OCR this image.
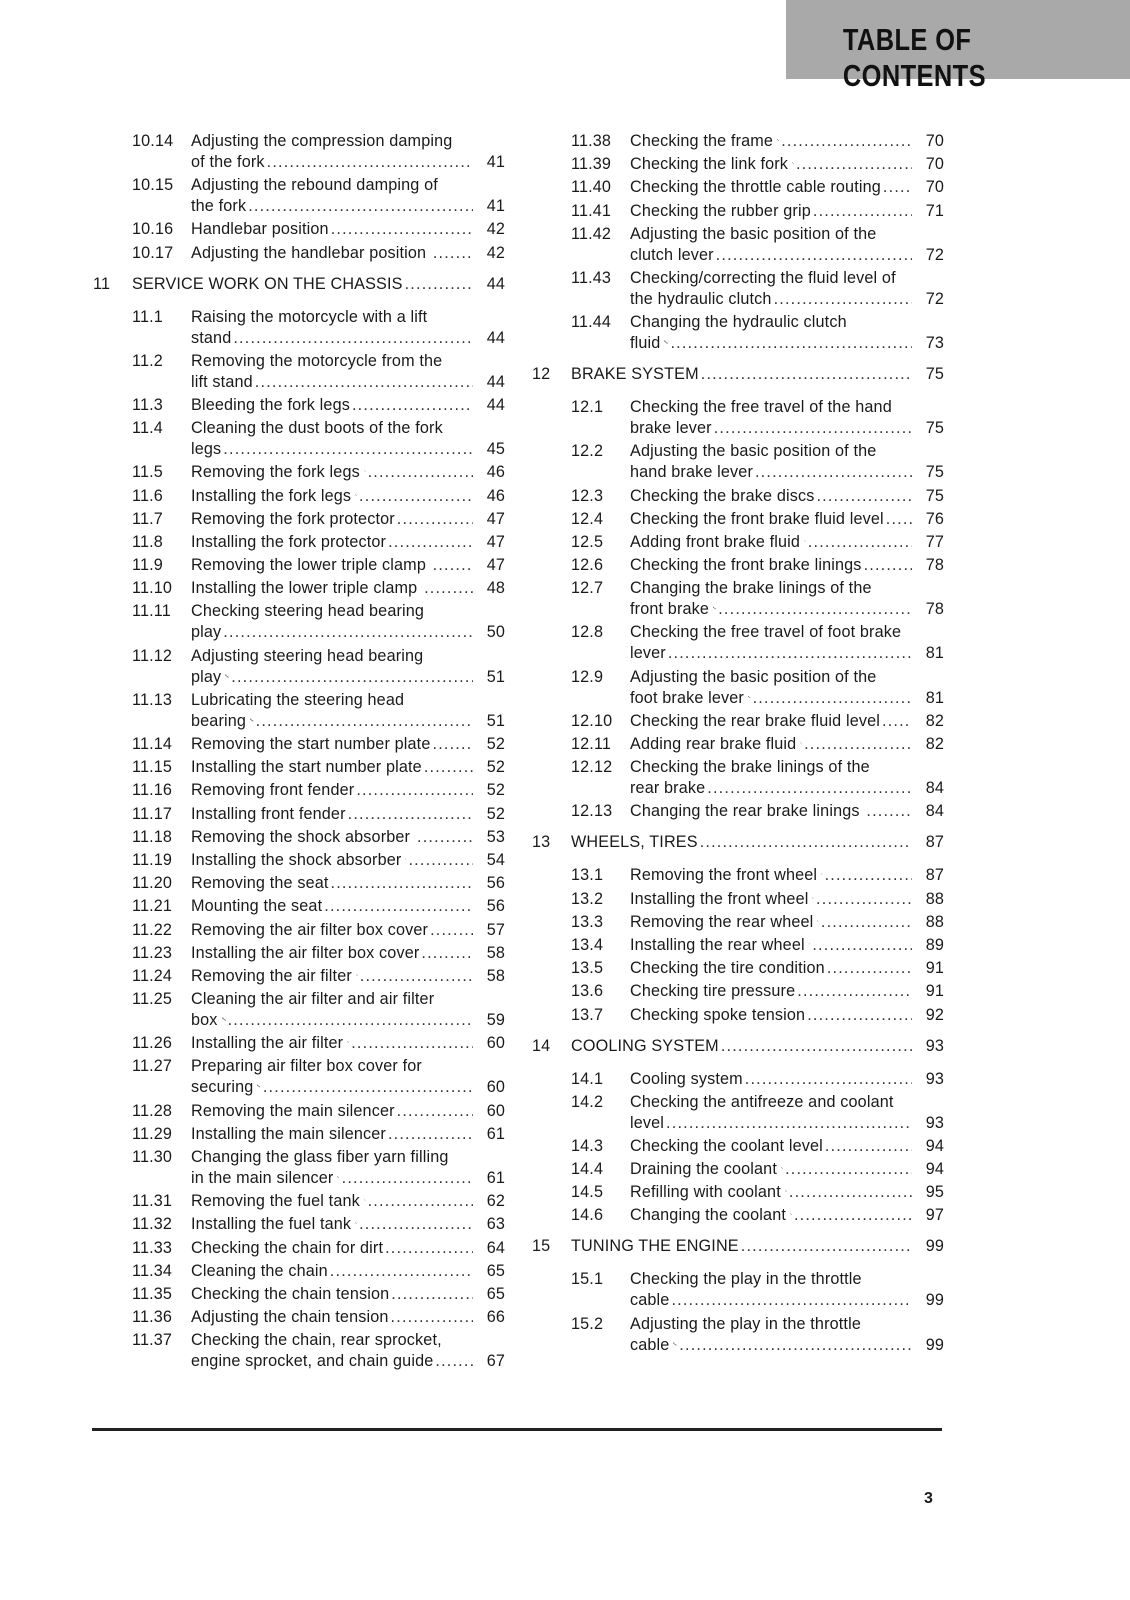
TABLE OF CONTENTS
10.14 Adjusting the compression damping
of the fork .....	41
10.15 Adjusting the rebound damping of
the fork .....	41
10.16 Handlebar position .....	42
10.17 Adjusting the handlebar position .....	42
11 SERVICE WORK ON THE CHASSIS .....	44
11.1 Raising the motorcycle with a lift
stand .....	44
11.2 Removing the motorcycle from the
lift stand .....	44
11.3 Bleeding the fork legs .....	44
11.4 Cleaning the dust boots of the fork
legs .....	45
11.5 Removing the fork legs .....	46
11.6 Installing the fork legs .....	46
11.7 Removing the fork protector .....	47
11.8 Installing the fork protector .....	47
11.9 Removing the lower triple clamp .....	47
11.10 Installing the lower triple clamp .....	48
11.11 Checking steering head bearing
play .....	50
11.12 Adjusting steering head bearing
play .....	51
11.13 Lubricating the steering head
bearing .....	51
11.14 Removing the start number plate .....	52
11.15 Installing the start number plate .....	52
11.16 Removing front fender .....	52
11.17 Installing front fender .....	52
11.18 Removing the shock absorber .....	53
11.19 Installing the shock absorber .....	54
11.20 Removing the seat .....	56
11.21 Mounting the seat .....	56
11.22 Removing the air filter box cover .....	57
11.23 Installing the air filter box cover .....	58
11.24 Removing the air filter .....	58
11.25 Cleaning the air filter and air filter
box .....	59
11.26 Installing the air filter .....	60
11.27 Preparing air filter box cover for
securing .....	60
11.28 Removing the main silencer .....	60
11.29 Installing the main silencer .....	61
11.30 Changing the glass fiber yarn filling
in the main silencer .....	61
11.31 Removing the fuel tank .....	62
11.32 Installing the fuel tank .....	63
11.33 Checking the chain for dirt .....	64
11.34 Cleaning the chain .....	65
11.35 Checking the chain tension .....	65
11.36 Adjusting the chain tension .....	66
11.37 Checking the chain, rear sprocket,
engine sprocket, and chain guide .....	67
11.38 Checking the frame .....	70
11.39 Checking the link fork .....	70
11.40 Checking the throttle cable routing .....	70
11.41 Checking the rubber grip .....	71
11.42 Adjusting the basic position of the
clutch lever .....	72
11.43 Checking/correcting the fluid level of
the hydraulic clutch .....	72
11.44 Changing the hydraulic clutch
fluid .....	73
12 BRAKE SYSTEM .....	75
12.1 Checking the free travel of the hand
brake lever .....	75
12.2 Adjusting the basic position of the
hand brake lever .....	75
12.3 Checking the brake discs .....	75
12.4 Checking the front brake fluid level .....	76
12.5 Adding front brake fluid .....	77
12.6 Checking the front brake linings .....	78
12.7 Changing the brake linings of the
front brake .....	78
12.8 Checking the free travel of foot brake
lever .....	81
12.9 Adjusting the basic position of the
foot brake lever .....	81
12.10 Checking the rear brake fluid level .....	82
12.11 Adding rear brake fluid .....	82
12.12 Checking the brake linings of the
rear brake .....	84
12.13 Changing the rear brake linings .....	84
13 WHEELS, TIRES .....	87
13.1 Removing the front wheel .....	87
13.2 Installing the front wheel .....	88
13.3 Removing the rear wheel .....	88
13.4 Installing the rear wheel .....	89
13.5 Checking the tire condition .....	91
13.6 Checking tire pressure .....	91
13.7 Checking spoke tension .....	92
14 COOLING SYSTEM .....	93
14.1 Cooling system .....	93
14.2 Checking the antifreeze and coolant
level .....	93
14.3 Checking the coolant level .....	94
14.4 Draining the coolant .....	94
14.5 Refilling with coolant .....	95
14.6 Changing the coolant .....	97
15 TUNING THE ENGINE .....	99
15.1 Checking the play in the throttle
cable .....	99
15.2 Adjusting the play in the throttle
cable .....	99
3
